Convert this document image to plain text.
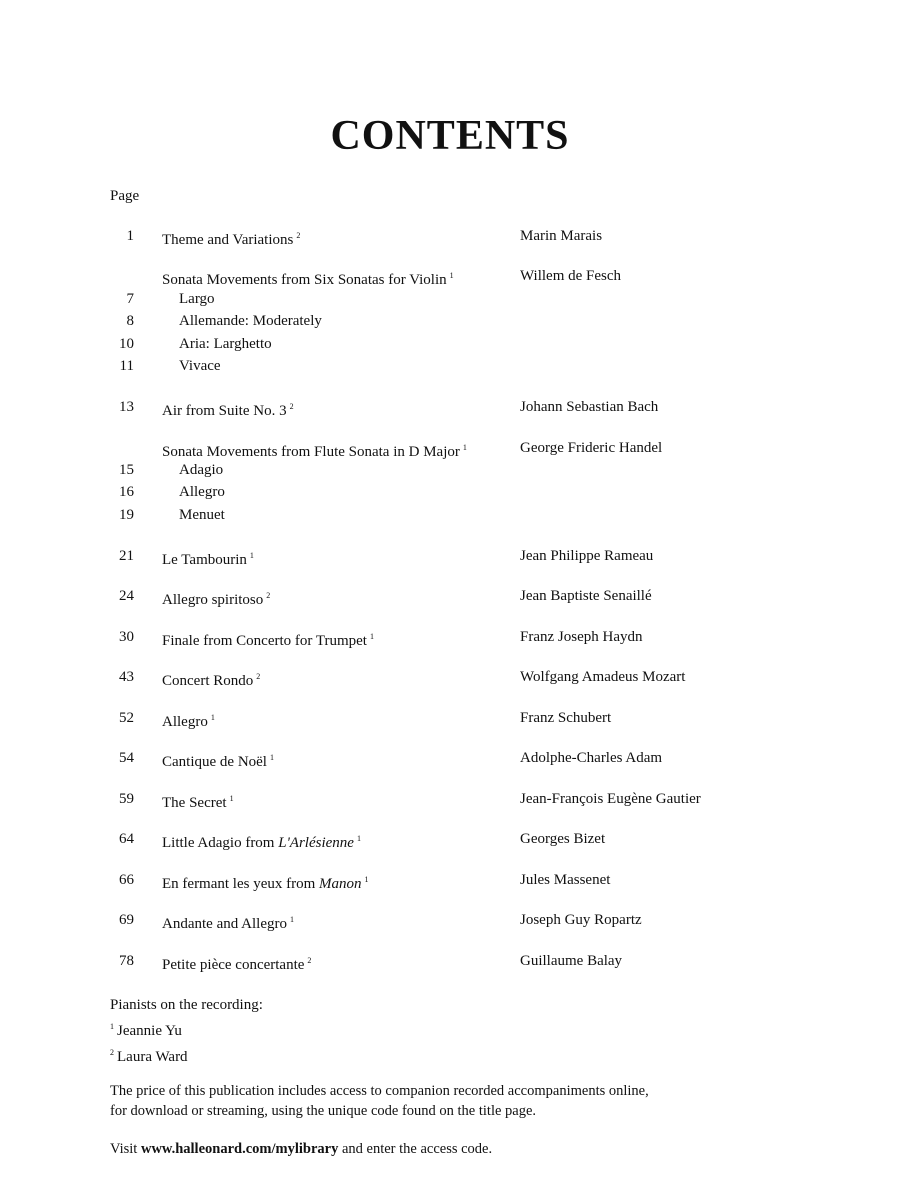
CONTENTS
Page
1 Theme and Variations $^2$	Marin Marais
Sonata Movements from Six Sonatas for Violin $^1$	Willem de Fesch
7	Largo
8	Allemande: Moderately
10	Aria: Larghetto
11	Vivace
13 Air from Suite No. 3 $^2$	Johann Sebastian Bach
Sonata Movements from Flute Sonata in D Major $^1$	George Frideric Handel
15	Adagio
16	Allegro
19	Menuet
21 Le Tambourin $^1$	Jean Philippe Rameau
24 Allegro spiritoso $^2$	Jean Baptiste Senaillé
30 Finale from Concerto for Trumpet $^1$	Franz Joseph Haydn
43 Concert Rondo $^2$	Wolfgang Amadeus Mozart
52 Allegro $^1$	Franz Schubert
54 Cantique de Noël $^1$	Adolphe-Charles Adam
59 The Secret $^1$	Jean-François Eugène Gautier
64 Little Adagio from L'Arlésienne $^1$	Georges Bizet
66 En fermant les yeux from Manon $^1$	Jules Massenet
69 Andante and Allegro $^1$	Joseph Guy Ropartz
78 Petite pièce concertante $^2$	Guillaume Balay
Pianists on the recording:
$^1$ Jeannie Yu
$^2$ Laura Ward
The price of this publication includes access to companion recorded accompaniments online,
for download or streaming, using the unique code found on the title page.
Visit www.halleonard.com/mylibrary and enter the access code.
